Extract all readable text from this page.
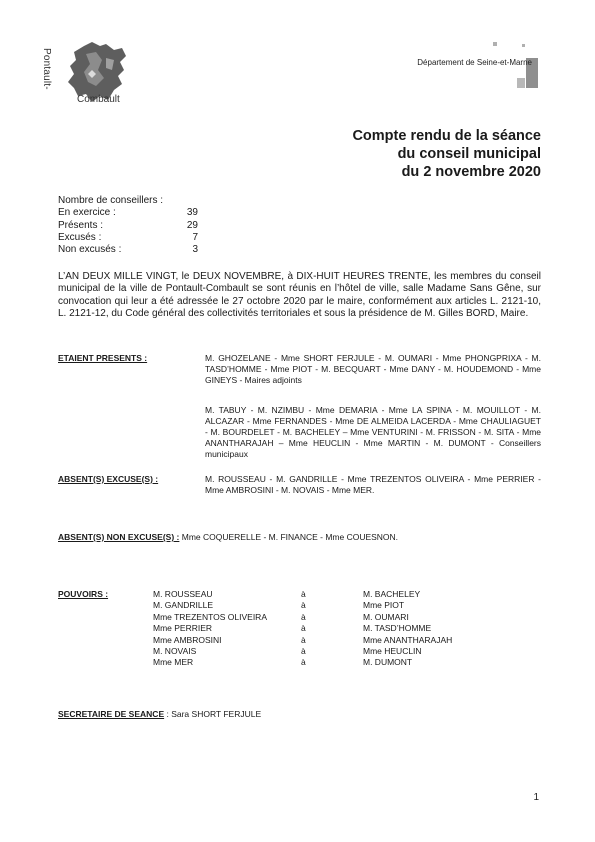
Pontault-
Combault
Département de Seine-et-Marne
Compte rendu de la séance
du conseil municipal
du 2 novembre 2020
Nombre de conseillers :
En exercice :	39
Présents :	29
Excusés :	7
Non excusés :	3
L’AN DEUX MILLE VINGT, le DEUX NOVEMBRE, à DIX-HUIT HEURES TRENTE, les membres du conseil municipal de la ville de Pontault-Combault se sont réunis en l’hôtel de ville, salle Madame Sans Gêne, sur convocation qui leur a été adressée le 27 octobre 2020 par le maire, conformément aux articles L. 2121-10, L. 2121-12, du Code général des collectivités territoriales et sous la présidence de M. Gilles BORD, Maire.
ETAIENT PRESENTS :	M. GHOZELANE - Mme SHORT FERJULE - M. OUMARI - Mme PHONGPRIXA - M. TASD’HOMME - Mme PIOT - M. BECQUART - Mme DANY - M. HOUDEMOND - Mme GINEYS - Maires adjoints
M. TABUY - M. NZIMBU - Mme DEMARIA - Mme LA SPINA - M. MOUILLOT - M. ALCAZAR - Mme FERNANDES - Mme DE ALMEIDA LACERDA - Mme CHAULIAGUET - M. BOURDELET - M. BACHELEY – Mme VENTURINI - M. FRISSON - M. SITA - Mme ANANTHARAJAH – Mme HEUCLIN - Mme MARTIN - M. DUMONT - Conseillers municipaux
ABSENT(S) EXCUSE(S) :	M. ROUSSEAU - M. GANDRILLE - Mme TREZENTOS OLIVEIRA - Mme PERRIER - Mme AMBROSINI - M. NOVAIS - Mme MER.
ABSENT(S) NON EXCUSE(S) : Mme COQUERELLE - M. FINANCE - Mme COUESNON.
POUVOIRS :	M. ROUSSEAU	à	M. BACHELEY
M. GANDRILLE	à	Mme PIOT
Mme TREZENTOS OLIVEIRA	à	M. OUMARI
Mme PERRIER	à	M. TASD’HOMME
Mme AMBROSINI	à	Mme ANANTHARAJAH
M. NOVAIS	à	Mme HEUCLIN
Mme MER	à	M. DUMONT
SECRETAIRE DE SEANCE : Sara SHORT FERJULE
1
